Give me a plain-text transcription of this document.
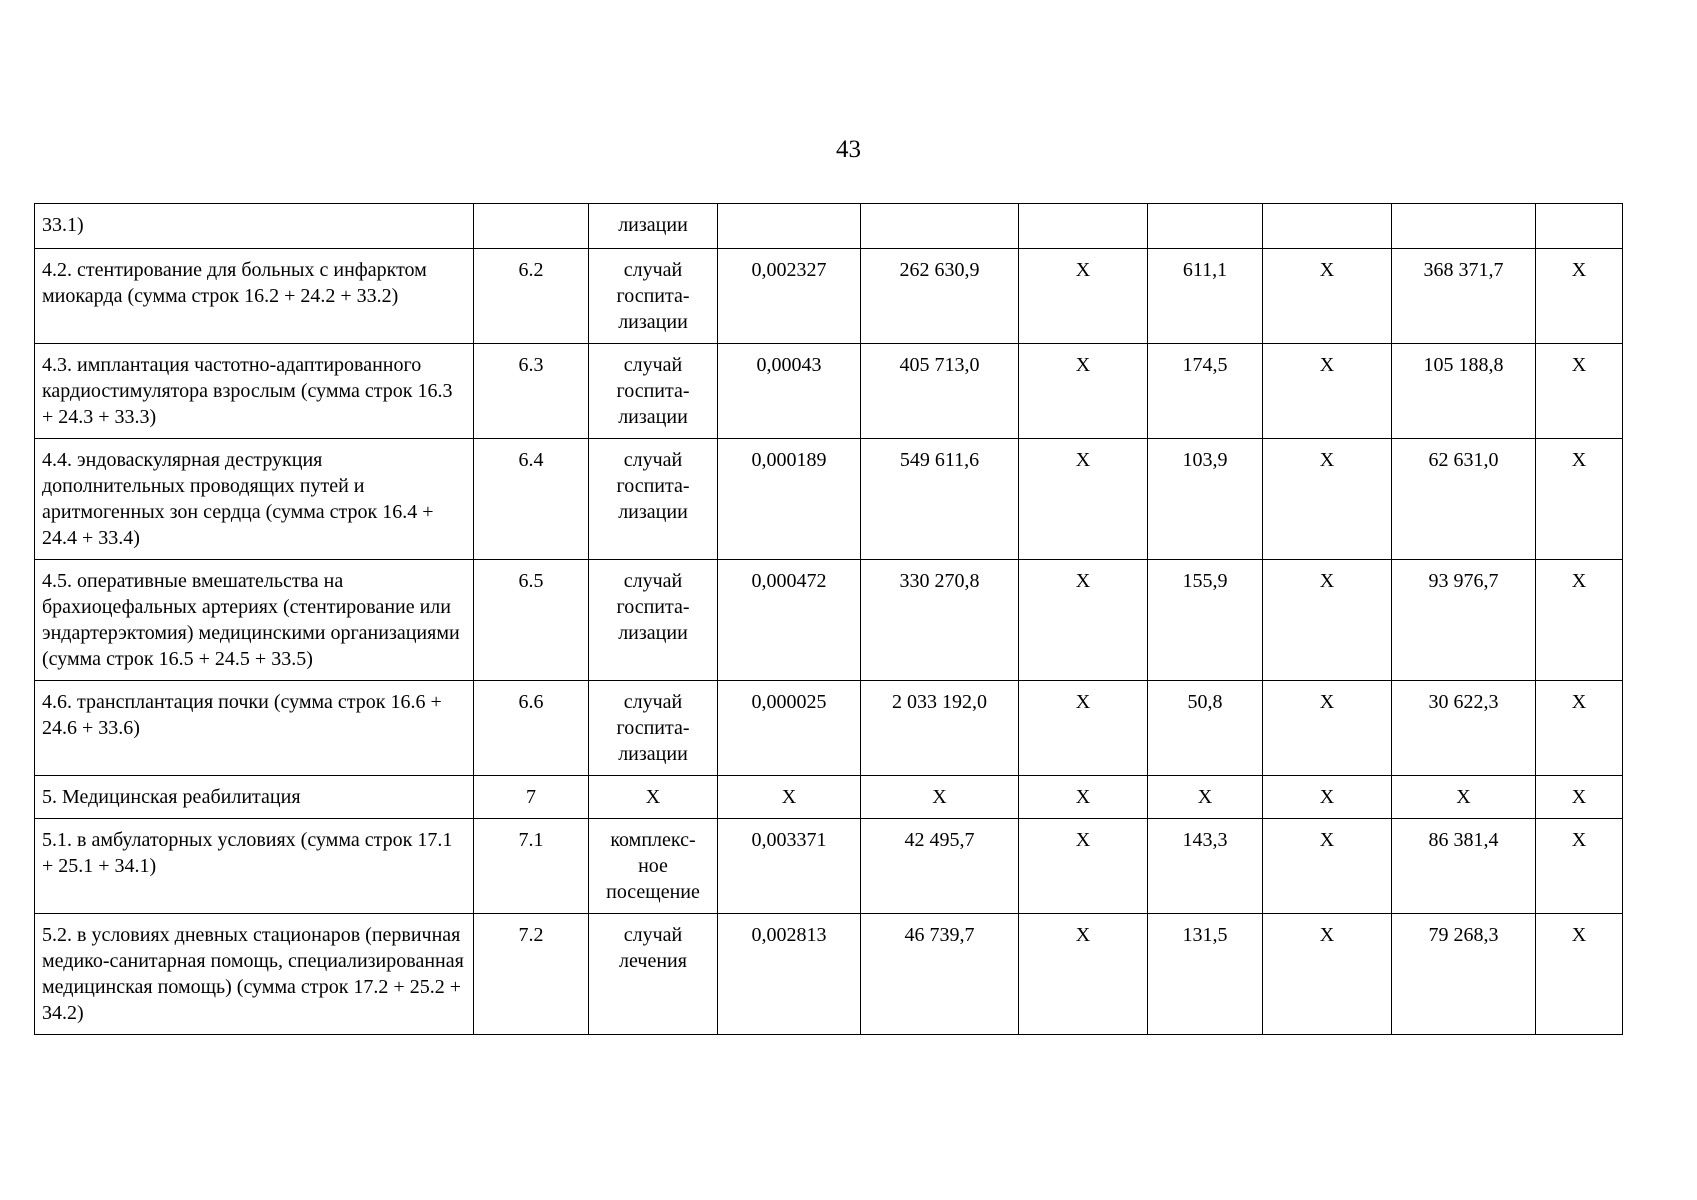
43
33.1)		лизации							
4.2. стентирование для больных с инфарктом миокарда (сумма строк 16.2 + 24.2 + 33.2)	6.2	случай госпита-лизации	0,002327	262 630,9	Х	611,1	Х	368 371,7	Х
4.3. имплантация частотно-адаптированного кардиостимулятора взрослым (сумма строк 16.3 + 24.3 + 33.3)	6.3	случай госпита-лизации	0,00043	405 713,0	Х	174,5	Х	105 188,8	Х
4.4. эндоваскулярная деструкция дополнительных проводящих путей и аритмогенных зон сердца (сумма строк 16.4 + 24.4 + 33.4)	6.4	случай госпита-лизации	0,000189	549 611,6	Х	103,9	Х	62 631,0	Х
4.5. оперативные вмешательства на брахиоцефальных артериях (стентирование или эндартерэктомия) медицинскими организациями (сумма строк 16.5 + 24.5 + 33.5)	6.5	случай госпита-лизации	0,000472	330 270,8	Х	155,9	Х	93 976,7	Х
4.6. трансплантация почки (сумма строк 16.6 + 24.6 + 33.6)	6.6	случай госпита-лизации	0,000025	2 033 192,0	Х	50,8	Х	30 622,3	Х
5. Медицинская реабилитация	7	Х	Х	Х	Х	Х	Х	Х	Х
5.1. в амбулаторных условиях (сумма строк 17.1 + 25.1 + 34.1)	7.1	комплекс-ное посещение	0,003371	42 495,7	Х	143,3	Х	86 381,4	Х
5.2. в условиях дневных стационаров (первичная медико-санитарная помощь, специализированная медицинская помощь) (сумма строк 17.2 + 25.2 + 34.2)	7.2	случай лечения	0,002813	46 739,7	Х	131,5	Х	79 268,3	Х
